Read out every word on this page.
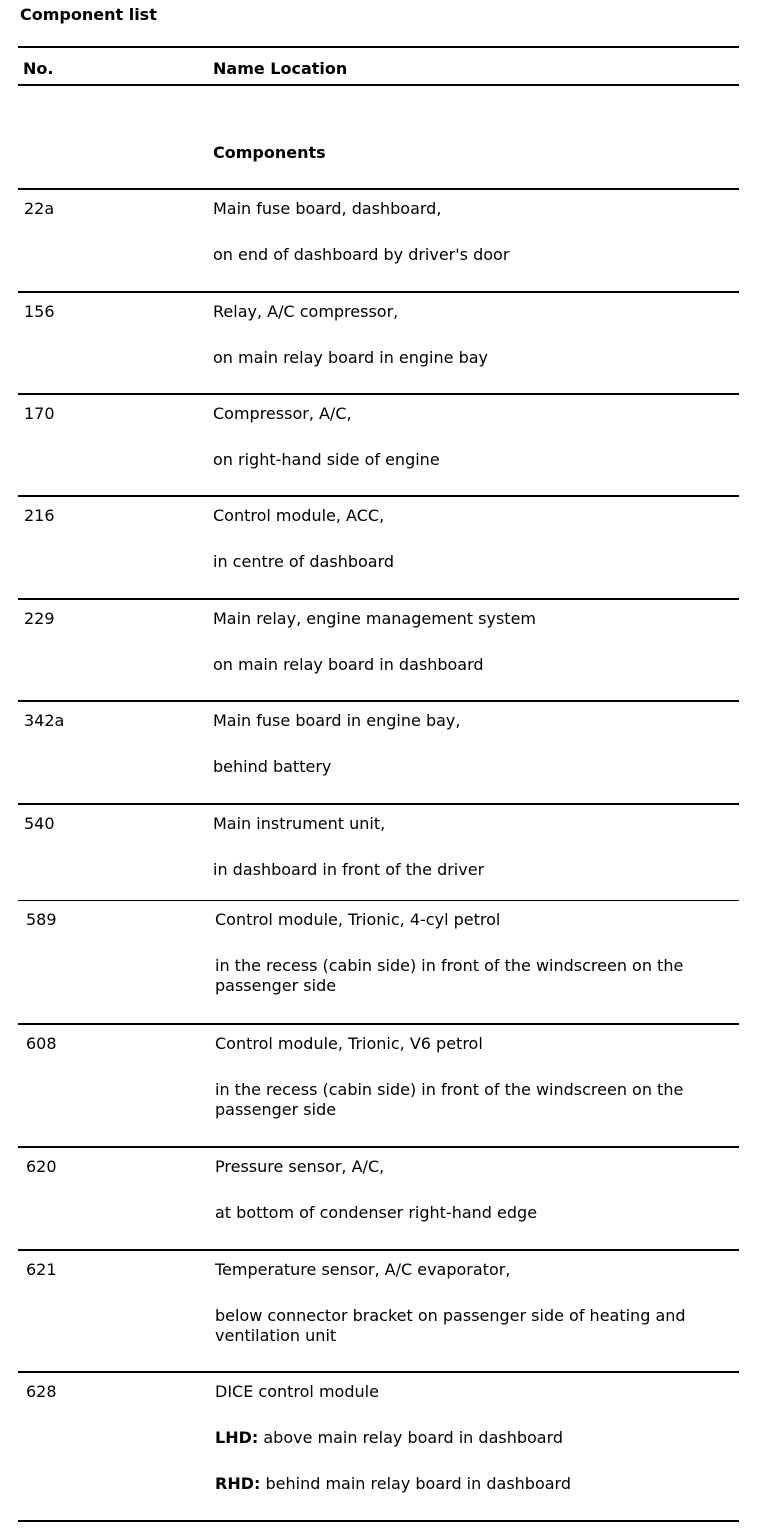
Component list
No.	Name Location
Components
22a	Main fuse board, dashboard,
on end of dashboard by driver's door
156	Relay, A/C compressor,
on main relay board in engine bay
170	Compressor, A/C,
on right-hand side of engine
216	Control module, ACC,
in centre of dashboard
229	Main relay, engine management system
on main relay board in dashboard
342a	Main fuse board in engine bay,
behind battery
540	Main instrument unit,
in dashboard in front of the driver
589	Control module, Trionic, 4-cyl petrol
in the recess (cabin side) in front of the windscreen on the passenger side
608	Control module, Trionic, V6 petrol
in the recess (cabin side) in front of the windscreen on the passenger side
620	Pressure sensor, A/C,
at bottom of condenser right-hand edge
621	Temperature sensor, A/C evaporator,
below connector bracket on passenger side of heating and ventilation unit
628	DICE control module
LHD: above main relay board in dashboard
RHD: behind main relay board in dashboard
